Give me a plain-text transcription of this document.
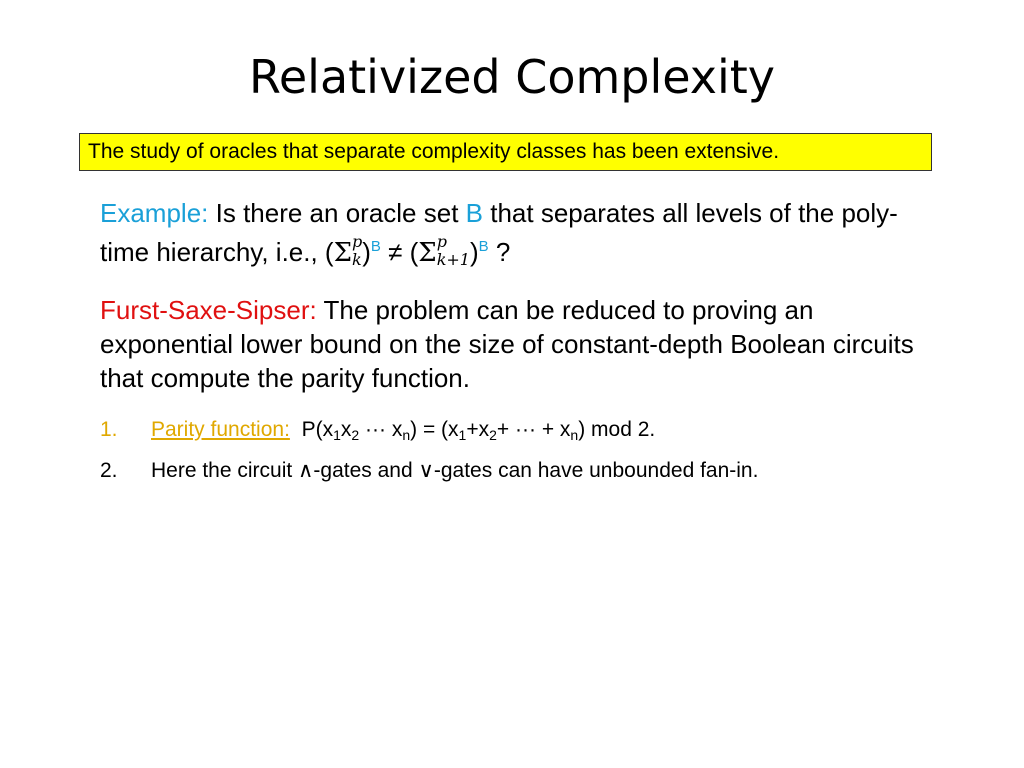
Relativized Complexity
The study of oracles that separate complexity classes has been extensive.

Example: Is there an oracle set B that separates all levels of the poly-time hierarchy, i.e., (Σ p
k )$^B$ ≠ (Σ p
k+1 )$^B$ ?

Furst-Saxe-Sipser: The problem can be reduced to proving an exponential lower bound on the size of constant-depth Boolean circuits that compute the parity function.

1. Parity function: $P(x_1x_2$ ··· $x_n) = (x_1+x_2+$ ··· + $x_n$) mod 2.
2. Here the circuit ∧-gates and ∨-gates can have unbounded fan-in.
